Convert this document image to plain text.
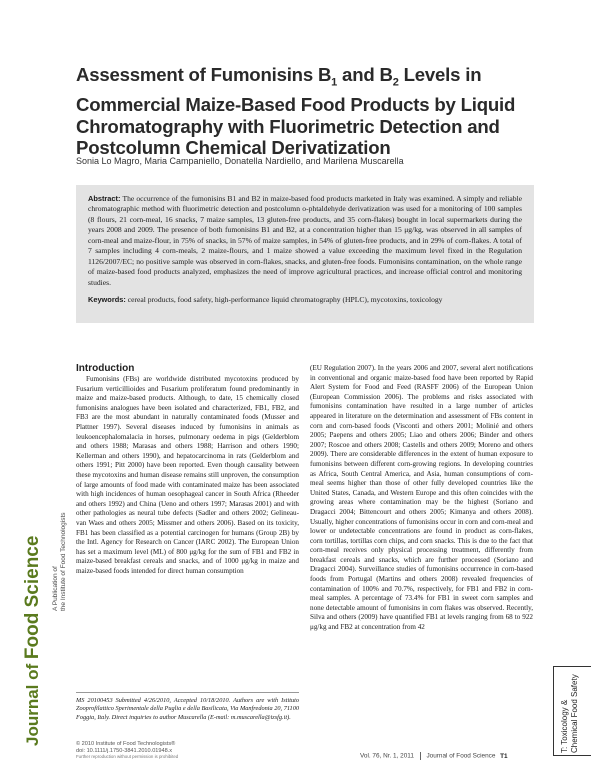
Assessment of Fumonisins $B_1$ and $B_2$ Levels in
Commercial Maize-Based Food Products by Liquid
Chromatography with Fluorimetric Detection and
Postcolumn Chemical Derivatization
Sonia Lo Magro, Maria Campaniello, Donatella Nardiello, and Marilena Muscarella

Abstract: The occurrence of the fumonisins B1 and B2 in maize-based food products marketed in Italy was examined. A simply and reliable chromatographic method with fluorimetric detection and postcolumn o-phtaldehyde derivatization was used for a monitoring of 100 samples (8 flours, 21 corn-meal, 16 snacks, 7 maize samples, 13 gluten-free products, and 35 corn-flakes) bought in local supermarkets during the years 2008 and 2009. The presence of both fumonisins B1 and B2, at a concentration higher than 15 μg/kg, was observed in all samples of corn-meal and maize-flour, in 75% of snacks, in 57% of maize samples, in 54% of gluten-free products, and in 29% of corn-flakes. A total of 7 samples including 4 corn-meals, 2 maize-flours, and 1 maize showed a value exceeding the maximum level fixed in the Regulation 1126/2007/EC; no positive sample was observed in corn-flakes, snacks, and gluten-free foods. Fumonisins contamination, on the whole range of maize-based food products analyzed, emphasizes the need of improve agricultural practices, and increase official control and monitoring studies.

Keywords: cereal products, food safety, high-performance liquid chromatography (HPLC), mycotoxins, toxicology

Introduction

Fumonisins (FBs) are worldwide distributed mycotoxins produced by Fusarium verticillioides and Fusarium proliferatum found predominantly in maize and maize-based products. Although, to date, 15 chemically closed fumonisins analogues have been isolated and characterized, FB1, FB2, and FB3 are the most abundant in naturally contaminated foods (Musser and Plattner 1997). Several diseases induced by fumonisins in animals as leukoencephalomalacia in horses, pulmonary oedema in pigs (Gelderblom and others 1988; Marasas and others 1988; Harrison and others 1990; Kellerman and others 1990), and hepatocarcinoma in rats (Gelderblom and others 1991; Pitt 2000) have been reported. Even though causality between these mycotoxins and human disease remains still unproven, the consumption of large amounts of food made with contaminated maize has been associated with high incidences of human oesophageal cancer in South Africa (Rheeder and others 1992) and China (Ueno and others 1997; Marasas 2001) and with other pathologies as neural tube defects (Sadler and others 2002; Gelineau-van Waes and others 2005; Missmer and others 2006). Based on its toxicity, FB1 has been classified as a potential carcinogen for humans (Group 2B) by the Intl. Agency for Research on Cancer (IARC 2002). The European Union has set a maximum level (ML) of 800 μg/kg for the sum of FB1 and FB2 in maize-based breakfast cereals and snacks, and of 1000 μg/kg in maize and maize-based foods intended for direct human consumption

(EU Regulation 2007). In the years 2006 and 2007, several alert notifications in conventional and organic maize-based food have been reported by Rapid Alert System for Food and Feed (RASFF 2006) of the European Union (European Commission 2006). The problems and risks associated with fumonisins contamination have resulted in a large number of articles appeared in literature on the determination and assessment of FBs content in corn and corn-based foods (Visconti and others 2001; Molinié and others 2005; Paepens and others 2005; Liao and others 2006; Binder and others 2007; Roscoe and others 2008; Castells and others 2009; Moreno and others 2009). There are considerable differences in the extent of human exposure to fumonisins between different corn-growing regions. In developing countries as Africa, South Central America, and Asia, human consumptions of corn-meal seems higher than those of other fully developed countries like the United States, Canada, and Western Europe and this often coincides with the growing areas where contamination may be the highest (Soriano and Dragacci 2004; Bittencourt and others 2005; Kimanya and others 2008). Usually, higher concentrations of fumonisins occur in corn and corn-meal and lower or undetectable concentrations are found in product as corn-flakes, corn tortillas, tortillas corn chips, and corn snacks. This is due to the fact that corn-meal receives only physical processing treatment, differently from breakfast cereals and snacks, which are further processed (Soriano and Dragacci 2004). Surveillance studies of fumonisins occurrence in corn-based foods from Portugal (Martins and others 2008) revealed frequencies of contamination of 100% and 70.7%, respectively, for FB1 and FB2 in corn-meal samples. A percentage of 73.4% for FB1 in sweet corn samples and none detectable amount of fumonisins in corn flakes was observed. Recently, Silva and others (2009) have quantified FB1 at levels ranging from 68 to 922 μg/kg and FB2 at concentration from 42

MS 20100453 Submitted 4/26/2010, Accepted 10/18/2010. Authors are with Istituto Zooprofilattico Sperimentale della Puglia e della Basilicata, Via Manfredonia 20, 71100 Foggia, Italy. Direct inquiries to author Muscarella (E-mail: m.muscarella@izsfg.it).

© 2010 Institute of Food Technologists®
doi: 10.1111/j.1750-3841.2010.01948.x
Further reproduction without permission is prohibited	Vol. 76, Nr. 1, 2011 Journal of Food Science T1
Journal of Food Science A Publication of the Institute of Food Technologists
T: Toxicology & Chemical Food Safety
